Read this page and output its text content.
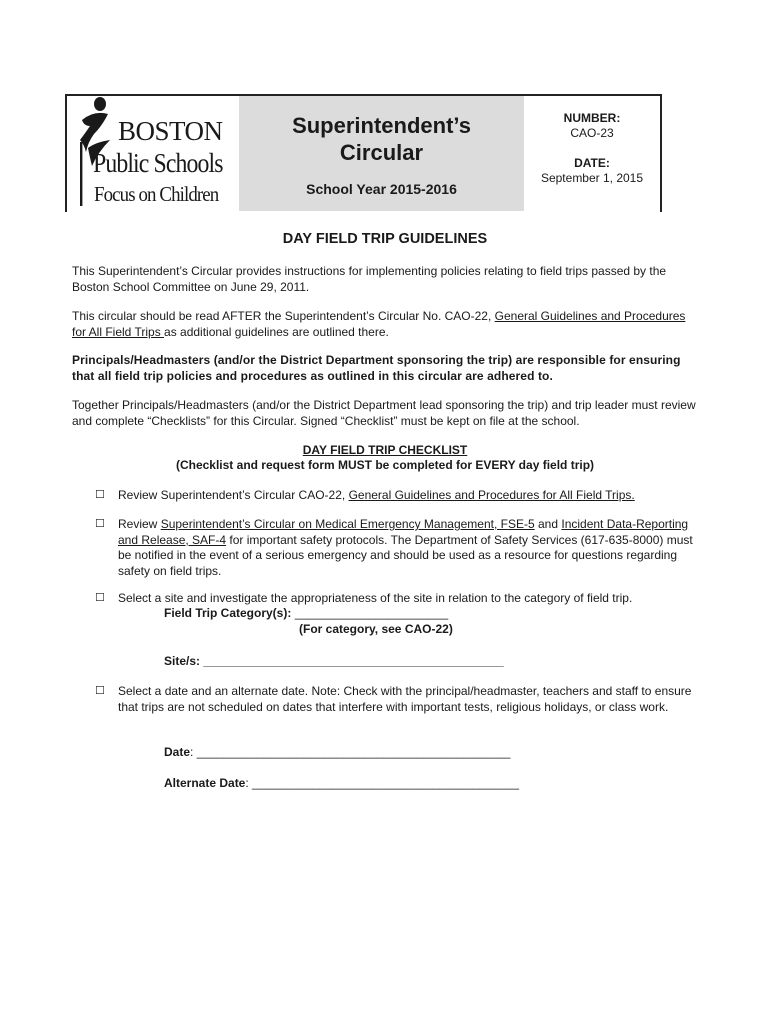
BOSTON
Public Schools
Focus on Children
Superintendent’s
Circular
School Year 2015-2016
NUMBER:
CAO-23
DATE:
September 1, 2015
DAY FIELD TRIP GUIDELINES
This Superintendent’s Circular provides instructions for implementing policies relating to field trips passed by the Boston School Committee on June 29, 2011.
This circular should be read AFTER the Superintendent’s Circular No. CAO-22, General Guidelines and Procedures for All Field Trips as additional guidelines are outlined there.
Principals/Headmasters (and/or the District Department sponsoring the trip) are responsible for ensuring that all field trip policies and procedures as outlined in this circular are adhered to.
Together Principals/Headmasters (and/or the District Department lead sponsoring the trip) and trip leader must review and complete “Checklists” for this Circular. Signed “Checklist” must be kept on file at the school.
DAY FIELD TRIP CHECKLIST
(Checklist and request form MUST be completed for EVERY day field trip)
☐ Review Superintendent’s Circular CAO-22, General Guidelines and Procedures for All Field Trips.
☐ Review Superintendent’s Circular on Medical Emergency Management, FSE-5 and Incident Data-Reporting and Release, SAF-4 for important safety protocols. The Department of Safety Services (617-635-8000) must be notified in the event of a serious emergency and should be used as a resource for questions regarding safety on field trips.
☐ Select a site and investigate the appropriateness of the site in relation to the category of field trip.
Field Trip Category(s): _______________________
(For category, see CAO-22)
Site/s: _____________________________________________
☐ Select a date and an alternate date. Note: Check with the principal/headmaster, teachers and staff to ensure that trips are not scheduled on dates that interfere with important tests, religious holidays, or class work.
Date: _______________________________________________
Alternate Date: ________________________________________
